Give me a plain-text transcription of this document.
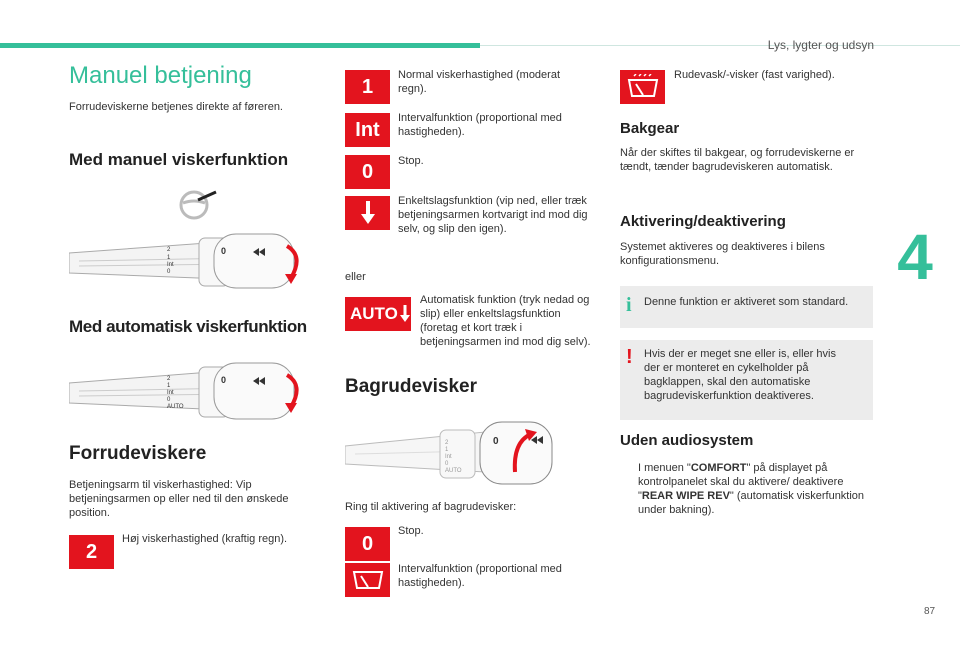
Lys, lygter og udsyn
4
87
Manuel betjening
Forrudeviskerne betjenes direkte af føreren.
Med manuel viskerfunktion
2
1
Int
0
0
Med automatisk viskerfunktion
2
1
Int
0
AUTO
0
Forrudeviskere
Betjeningsarm til viskerhastighed: Vip betjeningsarmen op eller ned til den ønskede position.
2
Høj viskerhastighed (kraftig regn).
1
Normal viskerhastighed (moderat regn).
Int
Intervalfunktion (proportional med hastigheden).
0	Stop.
Enkeltslagsfunktion (vip ned, eller træk betjeningsarmen kortvarigt ind mod dig selv, og slip den igen).
eller
AUTO
Automatisk funktion (tryk nedad og slip) eller enkeltslagsfunktion (foretag et kort træk i betjeningsarmen ind mod dig selv).
Bagrudevisker
2
1
Int
0
AUTO
0
Ring til aktivering af bagrudevisker:
0
Stop.
Intervalfunktion (proportional med hastigheden).
Rudevask/-visker (fast varighed).
Bakgear
Når der skiftes til bakgear, og forrudeviskerne er tændt, tænder bagrudeviskeren automatisk.
Aktivering/deaktivering
Systemet aktiveres og deaktiveres i bilens konfigurationsmenu.
i Denne funktion er aktiveret som standard.
! Hvis der er meget sne eller is, eller hvis der er monteret en cykelholder på bagklappen, skal den automatiske bagrudeviskerfunktion deaktiveres.
Uden audiosystem
I menuen "COMFORT" på displayet på kontrolpanelet skal du aktivere/ deaktivere "REAR WIPE REV" (automatisk viskerfunktion under bakning).
